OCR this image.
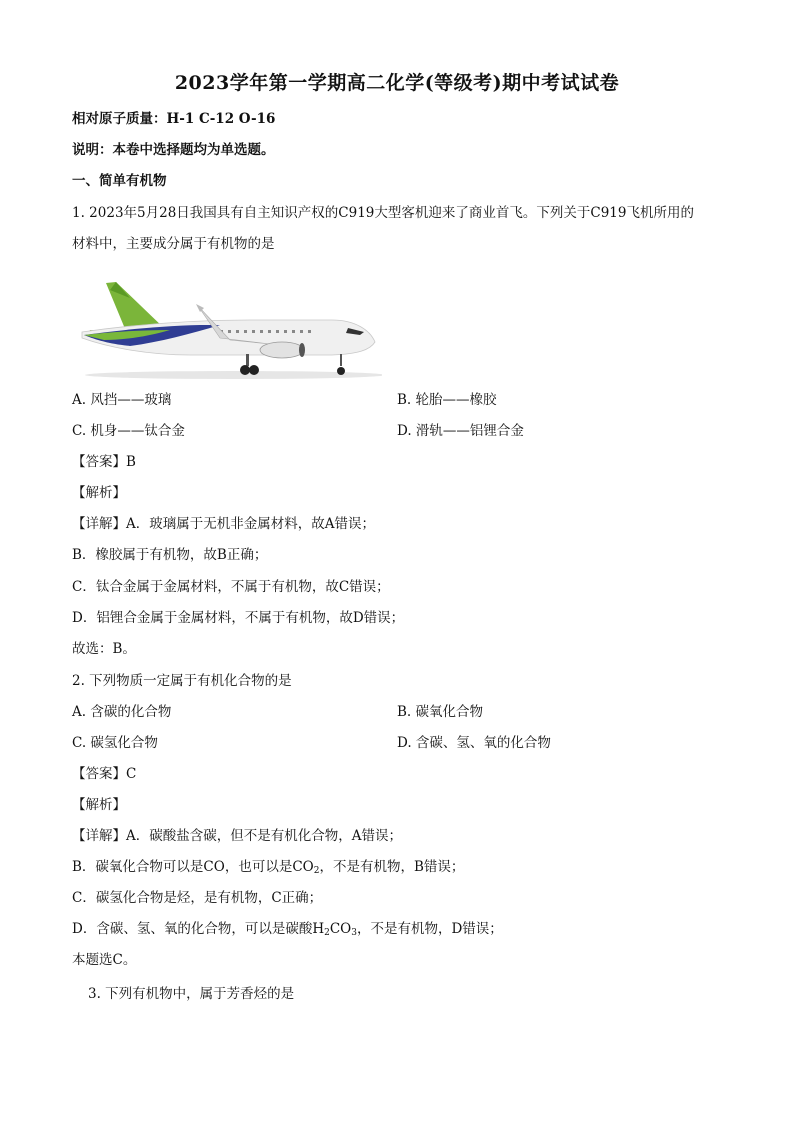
2023学年第一学期高二化学(等级考)期中考试试卷
相对原子质量：H-1 C-12 O-16
说明：本卷中选择题均为单选题。
一、简单有机物
1. 2023年5月28日我国具有自主知识产权的C919大型客机迎来了商业首飞。下列关于C919飞机所用的
材料中，主要成分属于有机物的是
A. 风挡——玻璃	B. 轮胎——橡胶
C. 机身——钛合金	D. 滑轨——铝锂合金
【答案】B
【解析】
【详解】A．玻璃属于无机非金属材料，故A错误；
B．橡胶属于有机物，故B正确；
C．钛合金属于金属材料，不属于有机物，故C错误；
D．铝锂合金属于金属材料，不属于有机物，故D错误；
故选：B。
2. 下列物质一定属于有机化合物的是
A. 含碳的化合物	B. 碳氧化合物
C. 碳氢化合物	D. 含碳、氢、氧的化合物
【答案】C
【解析】
【详解】A．碳酸盐含碳，但不是有机化合物，A错误；
B．碳氧化合物可以是CO，也可以是$CO_2$，不是有机物，B错误；
C．碳氢化合物是烃，是有机物，C正确；
D．含碳、氢、氧的化合物，可以是碳酸$H_2CO_3$，不是有机物，D错误；
本题选C。
3. 下列有机物中，属于芳香烃的是
